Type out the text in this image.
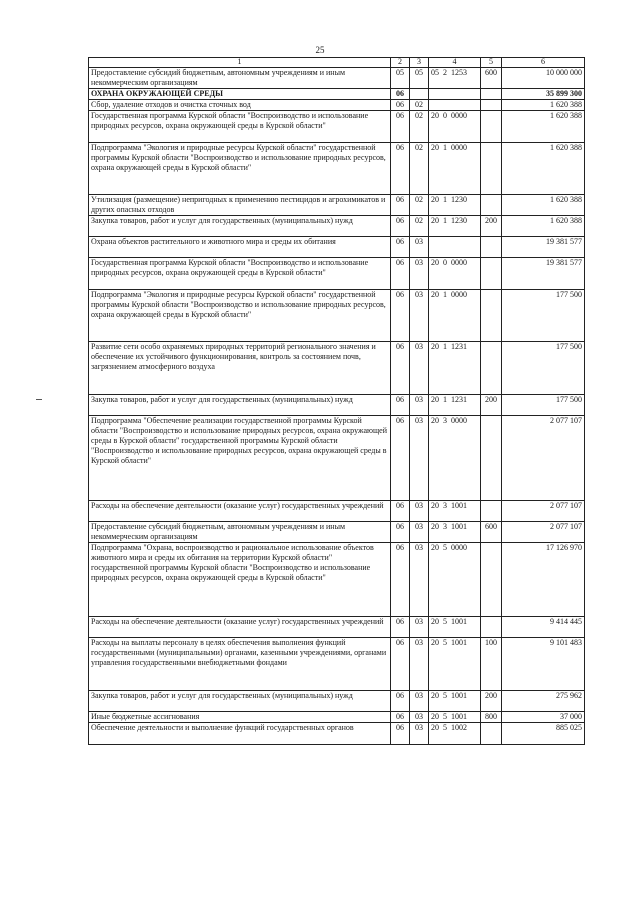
25
1	2	3	4	5	6
Предоставление субсидий бюджетным, автономным учреждениям и иным некоммерческим организациям	05	05	05  2  1253	600	10 000 000
ОХРАНА ОКРУЖАЮЩЕЙ СРЕДЫ	06				35 899 300
Сбор, удаление отходов и очистка сточных вод	06	02			1 620 388
Государственная программа Курской области "Воспроизводство и использование природных ресурсов, охрана окружающей среды в Курской области"	06	02	20  0  0000		1 620 388
Подпрограмма "Экология и природные ресурсы Курской области" государственной программы Курской области "Воспроизводство и использование природных ресурсов, охрана окружающей среды в Курской области"	06	02	20  1  0000		1 620 388
Утилизация (размещение) непригодных к применению пестицидов и агрохимикатов и других опасных отходов	06	02	20  1  1230		1 620 388
Закупка товаров, работ и услуг для государственных (муниципальных) нужд	06	02	20  1  1230	200	1 620 388
Охрана объектов растительного и животного мира и среды их обитания	06	03			19 381 577
Государственная программа Курской области "Воспроизводство и использование природных ресурсов, охрана окружающей среды в Курской области"	06	03	20  0  0000		19 381 577
Подпрограмма "Экология и природные ресурсы Курской области" государственной программы Курской области "Воспроизводство и использование природных ресурсов, охрана окружающей среды в Курской области"	06	03	20  1  0000		177 500
Развитие сети особо охраняемых природных территорий регионального значения и обеспечение их устойчивого функционирования, контроль за состоянием почв, загрязнением атмосферного воздуха	06	03	20  1  1231		177 500
Закупка товаров, работ и услуг для государственных (муниципальных) нужд	06	03	20  1  1231	200	177 500
Подпрограмма "Обеспечение реализации государственной программы Курской области "Воспроизводство и использование природных ресурсов, охрана окружающей среды в Курской области" государственной программы Курской области "Воспроизводство и использование природных ресурсов, охрана окружающей среды в Курской области"	06	03	20  3  0000		2 077 107
Расходы на обеспечение деятельности (оказание услуг) государственных учреждений	06	03	20  3  1001		2 077 107
Предоставление субсидий бюджетным, автономным учреждениям и иным некоммерческим организациям	06	03	20  3  1001	600	2 077 107
Подпрограмма "Охрана, воспроизводство и рациональное использование объектов животного мира и среды их обитания на территории Курской области" государственной программы Курской области "Воспроизводство и использование природных ресурсов, охрана окружающей среды в Курской области"	06	03	20  5  0000		17 126 970
Расходы на обеспечение деятельности (оказание услуг) государственных учреждений	06	03	20  5  1001		9 414 445
Расходы на выплаты персоналу в целях обеспечения выполнения функций государственными (муниципальными) органами, казенными учреждениями, органами управления государственными внебюджетными фондами	06	03	20  5  1001	100	9 101 483
Закупка товаров, работ и услуг для государственных (муниципальных) нужд	06	03	20  5  1001	200	275 962
Иные бюджетные ассигнования	06	03	20  5  1001	800	37 000
Обеспечение деятельности и выполнение функций государственных органов	06	03	20  5  1002		885 025
